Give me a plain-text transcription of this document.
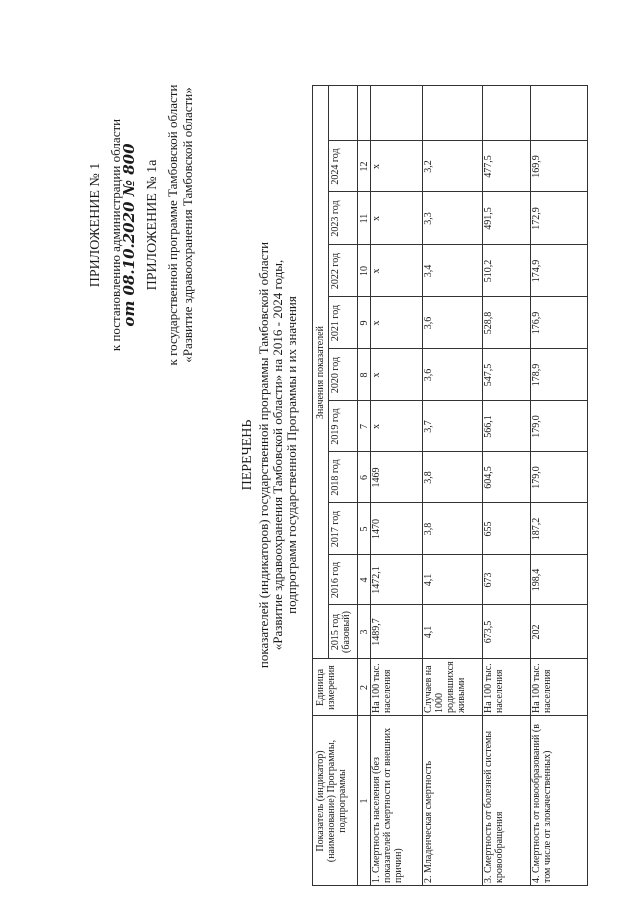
ПРИЛОЖЕНИЕ № 1 к постановлению администрации области
от 08.10.2020 № 800 ПРИЛОЖЕНИЕ № 1а к государственной программе Тамбовской области «Развитие здравоохранения Тамбовской области»
ПЕРЕЧЕНЬ показателей (индикаторов) государственной программы Тамбовской области «Развитие здравоохранения Тамбовской области» на 2016 - 2024 годы, подпрограмм государственной Программы и их значения
Показатель (индикатор) (наименование) Программы, подпрограммы
Единица измерения
Значения показателей
2015 год (базовый)
2016 год
2017 год
2018 год
2019 год
2020 год
2021 год
2022 год
2023 год
2024 год
1
2
3
4
5
6
7
8
9
10
11
12
1. Смертность населения (без показателей смертности от внешних причин)
На 100 тыс. населения
1489,7
1472,1
1470
1469
х
х
х
х
х
х
2. Младенческая смертность
Случаев на 1000 родившихся живыми
4,1
4,1
3,8
3,8
3,7
3,6
3,6
3,4
3,3
3,2
3. Смертность от болезней системы кровообращения
На 100 тыс. населения
673,5
673
655
604,5
566,1
547,5
528,8
510,2
491,5
477,5
4. Смертность от новообразований (в том числе от злокачественных)
На 100 тыс. населения
202
198,4
187,2
179,0
179,0
178,9
176,9
174,9
172,9
169,9
